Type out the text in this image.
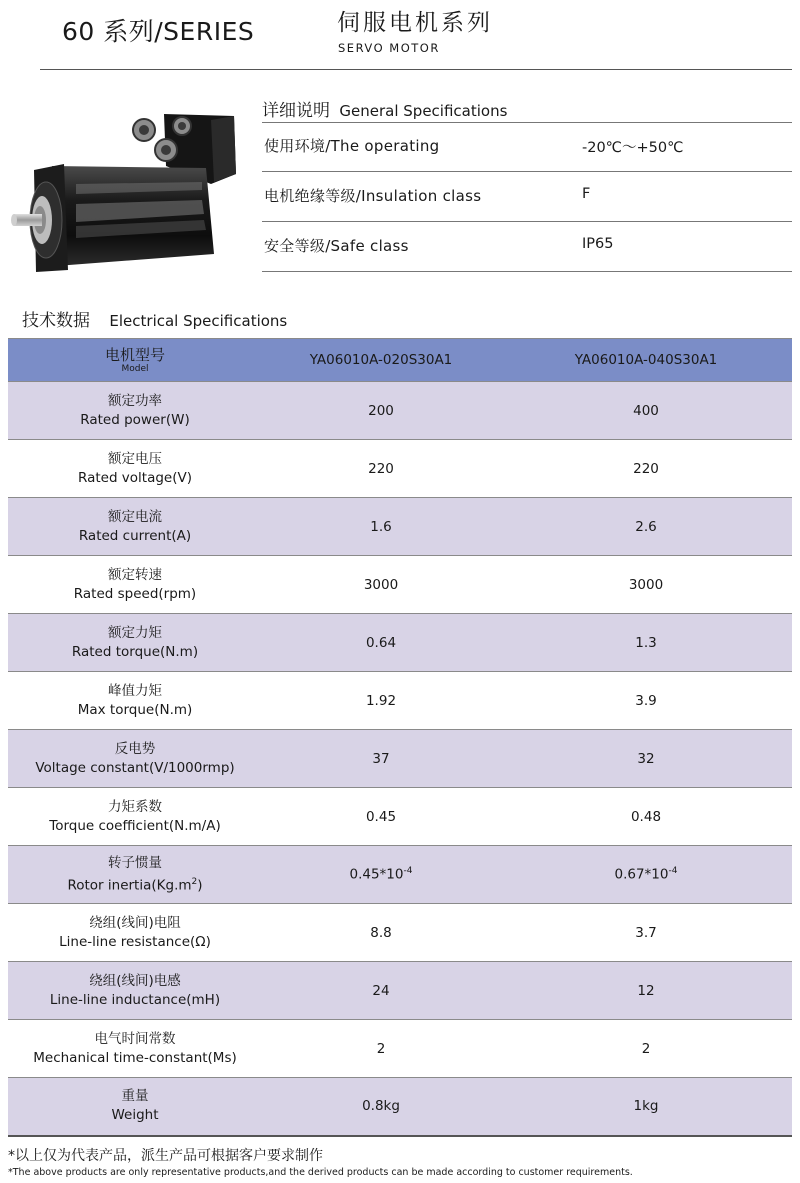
60 系列/SERIES	伺服电机系列
SERVO MOTOR
详细说明 General Specifications
使用环境/The operating	-20℃～+50℃
电机绝缘等级/Insulation class	F
安全等级/Safe class	IP65
技术数据 Electrical Specifications
电机型号
Model	YA06010A-020S30A1	YA06010A-040S30A1

额定功率
Rated power(W)	200	400

额定电压
Rated voltage(V)	220	220

额定电流
Rated current(A)	1.6	2.6

额定转速
Rated speed(rpm)	3000	3000

额定力矩
Rated torque(N.m)	0.64	1.3

峰值力矩
Max torque(N.m)	1.92	3.9

反电势
Voltage constant(V/1000rmp)	37	32

力矩系数
Torque coefficient(N.m/A)	0.45	0.48

转子惯量
Rotor $inertia(Kg.m^2)$	$0.45*10^{-4}$	$0.67*10^{-4}$

绕组(线间)电阻
Line-line resistance(Ω)	8.8	3.7

绕组(线间)电感
Line-line inductance(mH)	24	12

电气时间常数
Mechanical time-constant(Ms)	2	2

重量
Weight	0.8kg	1kg
*以上仅为代表产品，派生产品可根据客户要求制作
*The above products are only representative products,and the derived products can be made according to customer requirements.
